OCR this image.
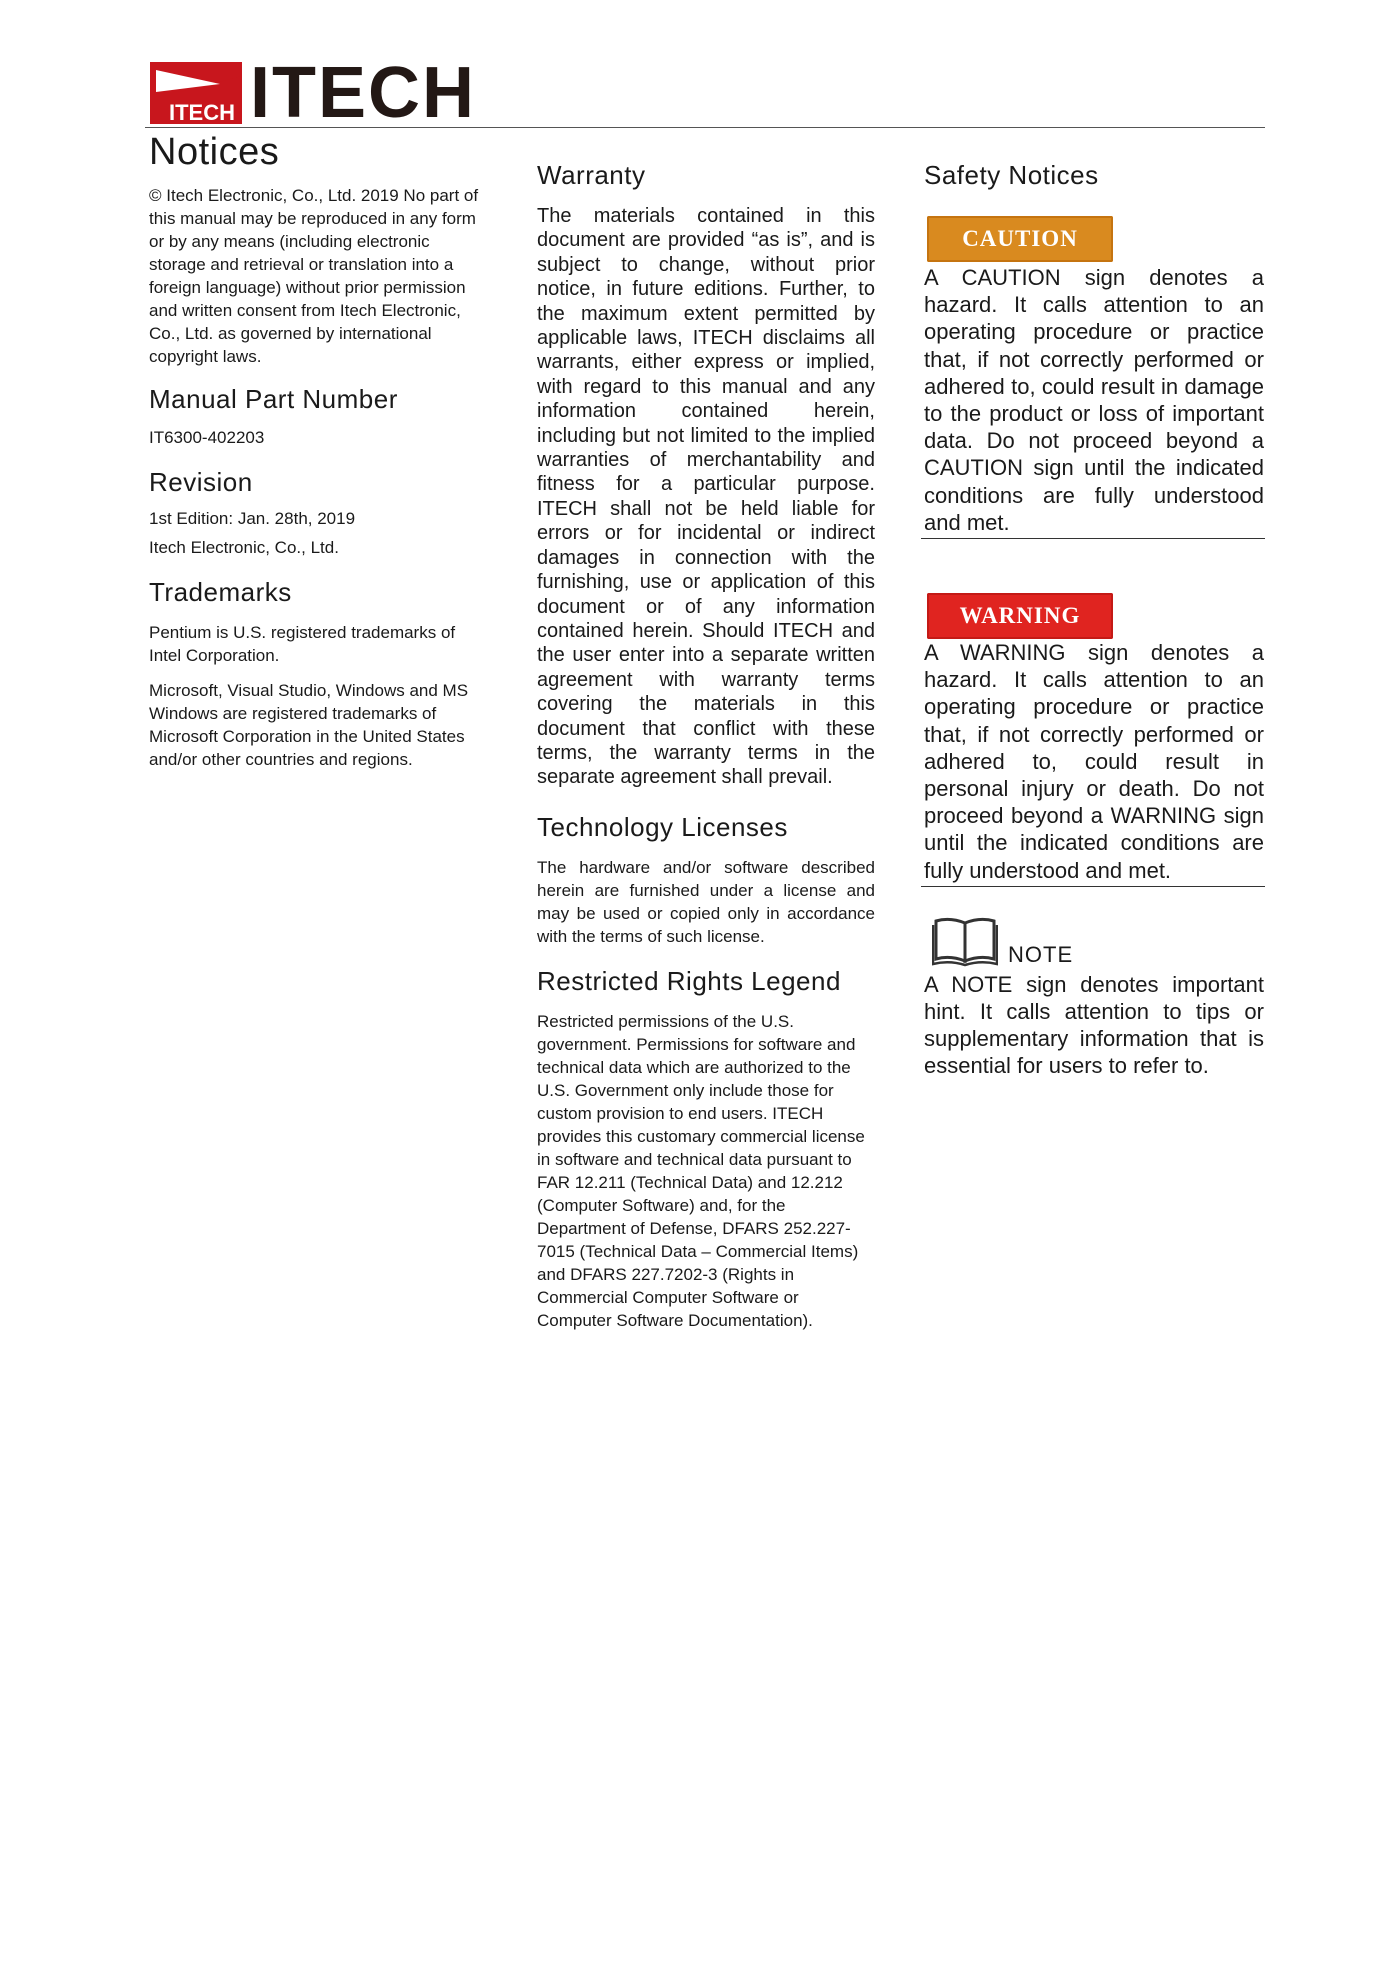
ITECH ITECH
Notices

© Itech Electronic, Co., Ltd. 2019 No part of this manual may be reproduced in any form or by any means (including electronic storage and retrieval or translation into a foreign language) without prior permission and written consent from Itech Electronic, Co., Ltd. as governed by international copyright laws.

Manual Part Number

IT6300-402203

Revision

1st Edition: Jan. 28th, 2019

Itech Electronic, Co., Ltd.

Trademarks

Pentium is U.S. registered trademarks of Intel Corporation.

Microsoft, Visual Studio, Windows and MS Windows are registered trademarks of Microsoft Corporation in the United States and/or other countries and regions.

Warranty

The materials contained in this document are provided “as is”, and is subject to change, without prior notice, in future editions. Further, to the maximum extent permitted by applicable laws, ITECH disclaims all warrants, either express or implied, with regard to this manual and any information contained herein, including but not limited to the implied warranties of merchantability and fitness for a particular purpose. ITECH shall not be held liable for errors or for incidental or indirect damages in connection with the furnishing, use or application of this document or of any information contained herein. Should ITECH and the user enter into a separate written agreement with warranty terms covering the materials in this document that conflict with these terms, the warranty terms in the separate agreement shall prevail.

Technology Licenses

The hardware and/or software described herein are furnished under a license and may be used or copied only in accordance with the terms of such license.

Restricted Rights Legend

Restricted permissions of the U.S. government. Permissions for software and technical data which are authorized to the U.S. Government only include those for custom provision to end users. ITECH provides this customary commercial license in software and technical data pursuant to FAR 12.211 (Technical Data) and 12.212 (Computer Software) and, for the Department of Defense, DFARS 252.227-7015 (Technical Data – Commercial Items) and DFARS 227.7202-3 (Rights in Commercial Computer Software or Computer Software Documentation).

Safety Notices
CAUTION

A CAUTION sign denotes a hazard. It calls attention to an operating procedure or practice that, if not correctly performed or adhered to, could result in damage to the product or loss of important data. Do not proceed beyond a CAUTION sign until the indicated conditions are fully understood and met.

WARNING

A WARNING sign denotes a hazard. It calls attention to an operating procedure or practice that, if not correctly performed or adhered to, could result in personal injury or death. Do not proceed beyond a WARNING sign until the indicated conditions are fully understood and met.

NOTE

A NOTE sign denotes important hint. It calls attention to tips or supplementary information that is essential for users to refer to.
